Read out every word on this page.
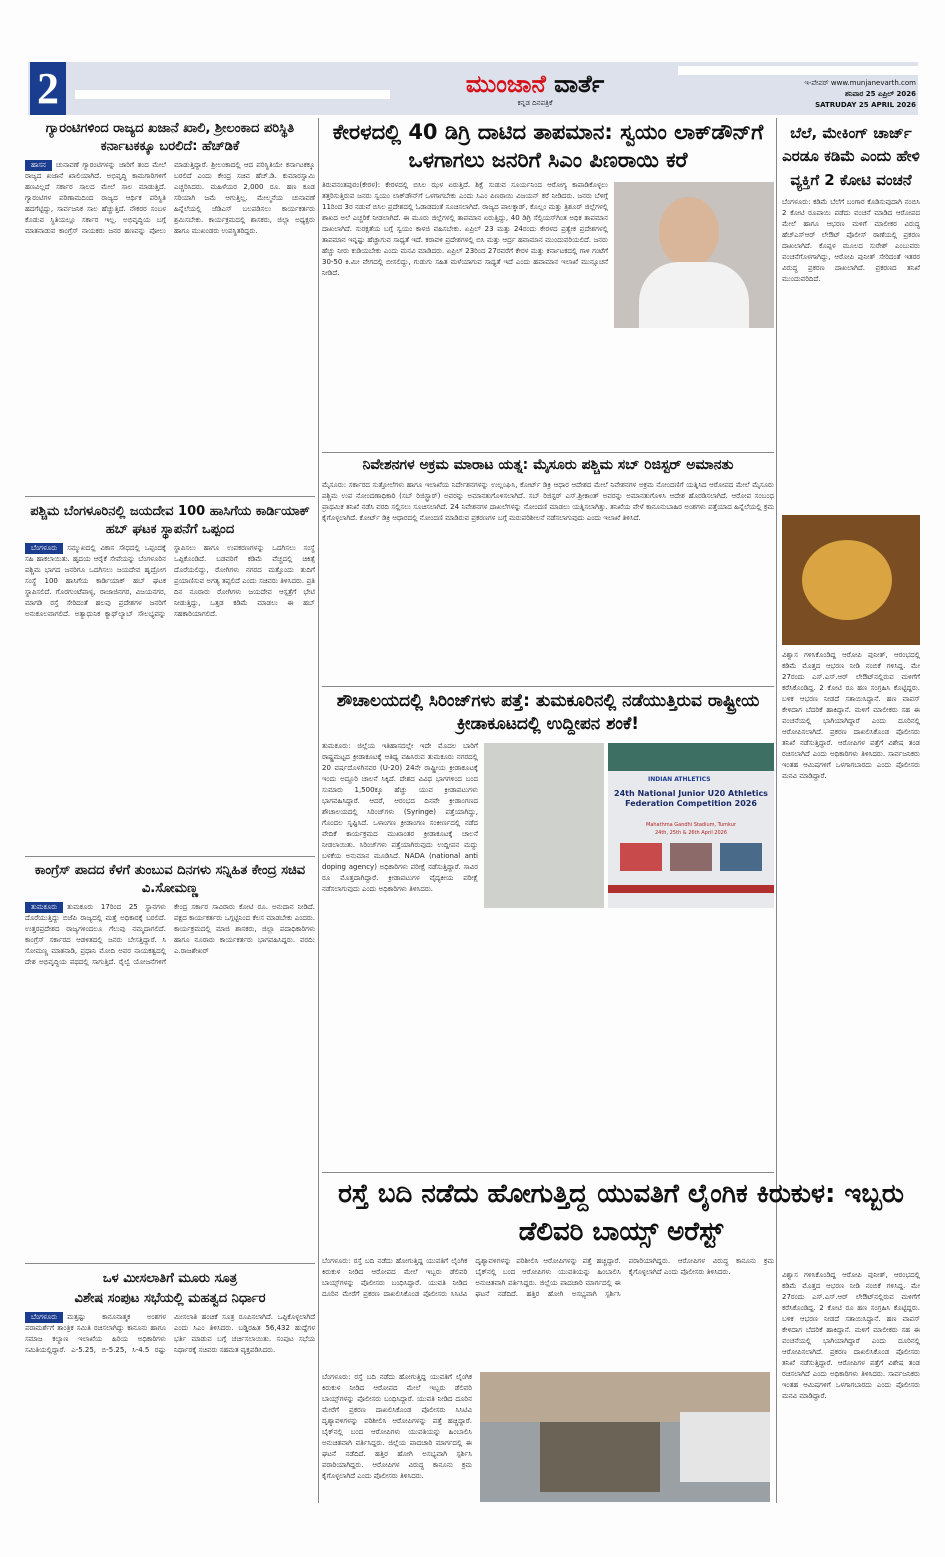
2	ಮುಂಜಾನೆ ವಾರ್ತೆ
ಕನ್ನಡ ದಿನಪತ್ರಿಕೆ
ಇ-ಪೇಪರ್ www.munjanevarth.com
ಶನಿವಾರ 25 ಏಪ್ರಿಲ್ 2026
SATRUDAY 25 APRIL 2026
ಗ್ಯಾರಂಟಿಗಳಿಂದ ರಾಜ್ಯದ ಖಜಾನೆ ಖಾಲಿ, ಶ್ರೀಲಂಕಾದ ಪರಿಸ್ಥಿತಿ ಕರ್ನಾಟಕಕ್ಕೂ ಬರಲಿದೆ: ಹೆಚ್‌ಡಿಕೆ
ಹಾಸನ ಚುನಾವಣೆ ಗ್ಯಾರಂಟಿಗಳನ್ನು ಜಾರಿಗೆ ತಂದ ಮೇಲೆ ರಾಜ್ಯದ ಖಜಾನೆ ಖಾಲಿಯಾಗಿದೆ. ಅಭಿವೃದ್ಧಿ ಕಾಮಗಾರಿಗಳಿಗೆ ಹಣವಿಲ್ಲದೆ ಸರ್ಕಾರ ಸಾಲದ ಮೇಲೆ ಸಾಲ ಮಾಡುತ್ತಿದೆ. ಗ್ಯಾರಂಟಿಗಳ ಪರಿಣಾಮದಿಂದ ರಾಜ್ಯದ ಆರ್ಥಿಕ ಪರಿಸ್ಥಿತಿ ಹದಗೆಟ್ಟಿದ್ದು, ಸಾರ್ವಜನಿಕ ಸಾಲ ಹೆಚ್ಚುತ್ತಿದೆ. ನೌಕರರ ಸಂಬಳ ಕೊಡುವ ಸ್ಥಿತಿಯಲ್ಲೂ ಸರ್ಕಾರ ಇಲ್ಲ. ಅಭಿವೃದ್ಧಿಯ ಬಗ್ಗೆ ಮಾತನಾಡುವ ಕಾಂಗ್ರೆಸ್ ನಾಯಕರು ಜನರ ಹಣವನ್ನು ಪೋಲು ಮಾಡುತ್ತಿದ್ದಾರೆ. ಶ್ರೀಲಂಕಾದಲ್ಲಿ ಆದ ಪರಿಸ್ಥಿತಿಯೇ ಕರ್ನಾಟಕಕ್ಕೂ ಬರಲಿದೆ ಎಂದು ಕೇಂದ್ರ ಸಚಿವ ಹೆಚ್.ಡಿ. ಕುಮಾರಸ್ವಾಮಿ ಎಚ್ಚರಿಸಿದರು. ಮಹಿಳೆಯರ 2,000 ರೂ. ಹಣ ಕೂಡ ಸರಿಯಾಗಿ ಜಮೆ ಆಗುತ್ತಿಲ್ಲ. ಮೇಲ್ಮನೆಯ ಚುನಾವಣೆ ಹಿನ್ನೆಲೆಯಲ್ಲಿ ಜೆಡಿಎಸ್ ಬಲಪಡಿಸಲು ಕಾರ್ಯಕರ್ತರು ಶ್ರಮಿಸಬೇಕು. ಕಾರ್ಯಕ್ರಮದಲ್ಲಿ ಶಾಸಕರು, ಜಿಲ್ಲಾ ಅಧ್ಯಕ್ಷರು ಹಾಗೂ ಮುಖಂಡರು ಉಪಸ್ಥಿತರಿದ್ದರು.
ಪಶ್ಚಿಮ ಬೆಂಗಳೂರಿನಲ್ಲಿ ಜಯದೇವ 100 ಹಾಸಿಗೆಯ ಕಾರ್ಡಿಯಾಕ್ ಹಬ್ ಘಟಕ ಸ್ಥಾಪನೆಗೆ ಒಪ್ಪಂದ
ಬೆಂಗಳೂರು ಸಮ್ಮುಖದಲ್ಲಿ ವಿಕಾಸ ಸೌಧದಲ್ಲಿ ಒಪ್ಪಂದಕ್ಕೆ ಸಹಿ ಹಾಕಲಾಯಿತು. ಹೃದಯ ಆರೈಕೆ ಸೇವೆಯನ್ನು ಬೆಂಗಳೂರಿನ ಪಶ್ಚಿಮ ಭಾಗದ ಜನರಿಗೂ ಒದಗಿಸಲು ಜಯದೇವ ಹೃದ್ರೋಗ ಸಂಸ್ಥೆ 100 ಹಾಸಿಗೆಯ ಕಾರ್ಡಿಯಾಕ್ ಹಬ್ ಘಟಕ ಸ್ಥಾಪಿಸಲಿದೆ. ಗೊರಗುಂಟೆಪಾಳ್ಯ, ರಾಜಾಜಿನಗರ, ವಿಜಯನಗರ, ಮಾಗಡಿ ರಸ್ತೆ ಸೇರಿದಂತೆ ಹಲವು ಪ್ರದೇಶಗಳ ಜನರಿಗೆ ಅನುಕೂಲವಾಗಲಿದೆ. ಅತ್ಯಾಧುನಿಕ ಕ್ಯಾಥ್‌ಲ್ಯಾಬ್ ಸೌಲಭ್ಯವನ್ನು ಸ್ಥಾಪಿಸಲು ಹಾಗೂ ಉಪಕರಣಗಳನ್ನು ಒದಗಿಸಲು ಸಂಸ್ಥೆ ಒಪ್ಪಿಕೊಂಡಿದೆ. ಬಡವರಿಗೆ ಕಡಿಮೆ ವೆಚ್ಚದಲ್ಲಿ ಚಿಕಿತ್ಸೆ ದೊರೆಯಲಿದ್ದು, ರೋಗಿಗಳು ನಗರದ ಮತ್ತೊಂದು ತುದಿಗೆ ಪ್ರಯಾಣಿಸುವ ಅಗತ್ಯ ತಪ್ಪಲಿದೆ ಎಂದು ಸಚಿವರು ತಿಳಿಸಿದರು. ಪ್ರತಿ ದಿನ ನೂರಾರು ರೋಗಿಗಳು ಜಯದೇವ ಆಸ್ಪತ್ರೆಗೆ ಭೇಟಿ ನೀಡುತ್ತಿದ್ದು, ಒತ್ತಡ ಕಡಿಮೆ ಮಾಡಲು ಈ ಹಬ್ ಸಹಕಾರಿಯಾಗಲಿದೆ.
ಕಾಂಗ್ರೆಸ್ ಪಾದದ ಕೆಳಗೆ ತುಂಬುವ ದಿನಗಳು ಸನ್ನಿಹಿತ ಕೇಂದ್ರ ಸಚಿವ ವಿ.ಸೋಮಣ್ಣ
ತುಮಕೂರು ತುಮಕೂರು 17ರಿಂದ 25 ಸ್ಥಾನಗಳು ದೊರೆಯುತ್ತಿದ್ದು ಬಿಜೆಪಿ ರಾಜ್ಯದಲ್ಲಿ ಮತ್ತೆ ಅಧಿಕಾರಕ್ಕೆ ಬರಲಿದೆ. ಉತ್ತರಪ್ರದೇಶದ ರಾಜ್ಯಗಳಿಂದಲೂ ಗೆಲುವು ನಮ್ಮದಾಗಲಿದೆ. ಕಾಂಗ್ರೆಸ್ ಸರ್ಕಾರದ ಆಡಳಿತದಲ್ಲಿ ಜನರು ಬೇಸತ್ತಿದ್ದಾರೆ. ಸಿ ಸೋಮಣ್ಣ ಮಾತನಾಡಿ, ಪ್ರಧಾನಿ ಮೋದಿ ಅವರ ನಾಯಕತ್ವದಲ್ಲಿ ದೇಶ ಅಭಿವೃದ್ಧಿಯ ಪಥದಲ್ಲಿ ಸಾಗುತ್ತಿದೆ. ರೈಲ್ವೆ ಯೋಜನೆಗಳಿಗೆ ಕೇಂದ್ರ ಸರ್ಕಾರ ಸಾವಿರಾರು ಕೋಟಿ ರೂ. ಅನುದಾನ ನೀಡಿದೆ. ಪಕ್ಷದ ಕಾರ್ಯಕರ್ತರು ಒಗ್ಗಟ್ಟಿನಿಂದ ಕೆಲಸ ಮಾಡಬೇಕು ಎಂದರು. ಕಾರ್ಯಕ್ರಮದಲ್ಲಿ ಮಾಜಿ ಶಾಸಕರು, ಜಿಲ್ಲಾ ಪದಾಧಿಕಾರಿಗಳು ಹಾಗೂ ನೂರಾರು ಕಾರ್ಯಕರ್ತರು ಭಾಗವಹಿಸಿದ್ದರು. ವರದಿ: ಎ.ರಾಜಶೇಖರ್
ಒಳ ಮೀಸಲಾತಿಗೆ ಮೂರು ಸೂತ್ರ
ವಿಶೇಷ ಸಂಪುಟ ಸಭೆಯಲ್ಲಿ ಮಹತ್ವದ ನಿರ್ಧಾರ
ಬೆಂಗಳೂರು ಮತ್ತಷ್ಟು ಕಾನೂನಾತ್ಮಕ ಅಂಶಗಳ ಪರಾಮರ್ಶೆಗೆ ತಾಂತ್ರಿಕ ಸಮಿತಿ ರಚಿಸಲಾಗಿದ್ದು ಕಾನೂನು ಹಾಗೂ ಸಮಾಜ ಕಲ್ಯಾಣ ಇಲಾಖೆಯ ಹಿರಿಯ ಅಧಿಕಾರಿಗಳು ಸಮಿತಿಯಲ್ಲಿದ್ದಾರೆ. ಎ-5.25, ಬಿ-5.25, ಸಿ-4.5 ರಷ್ಟು ಮೀಸಲಾತಿ ಹಂಚಿಕೆ ಸೂತ್ರ ರೂಪಿಸಲಾಗಿದೆ. ಒಪ್ಪಿಕೊಳ್ಳಲಾಗಿದೆ ಎಂದು ಸಿಎಂ ತಿಳಿಸಿದರು. ಬಡ್ಡಿರಹಿತ 56,432 ಹುದ್ದೆಗಳ ಭರ್ತಿ ಮಾಡುವ ಬಗ್ಗೆ ಚರ್ಚಿಸಲಾಯಿತು. ಸಂಪುಟ ಸಭೆಯ ನಿರ್ಧಾರಕ್ಕೆ ಸಚಿವರು ಸಹಮತ ವ್ಯಕ್ತಪಡಿಸಿದರು.
ಕೇರಳದಲ್ಲಿ 40 ಡಿಗ್ರಿ ದಾಟಿದ ತಾಪಮಾನ: ಸ್ವಯಂ ಲಾಕ್‌ಡೌನ್‌ಗೆ ಒಳಗಾಗಲು ಜನರಿಗೆ ಸಿಎಂ ಪಿಣರಾಯಿ ಕರೆ
ತಿರುವನಂತಪುರಂ(ಕೇರಳ): ಕೇರಳದಲ್ಲಿ ಬಿಸಿಲ ಝಳ ಏರುತ್ತಿದೆ. ಶಿಕ್ಷೆ ಸುಡುವ ಸೂರ್ಯನಿಂದ ಆರೋಗ್ಯ ಕಾಪಾಡಿಕೊಳ್ಳಲು ತತ್ತರಿಸುತ್ತಿರುವ ಜನರು ಸ್ವಯಂ ಲಾಕ್‌ಡೌನ್‌ಗೆ ಒಳಗಾಗಬೇಕು ಎಂದು ಸಿಎಂ ಪಿಣರಾಯಿ ವಿಜಯನ್ ಕರೆ ನೀಡಿದರು. ಜನರು ಬೆಳಿಗ್ಗೆ 11ರಿಂದ 3ರ ನಡುವೆ ಬಿಸಿಲ ಪ್ರದೇಶದಲ್ಲಿ ಓಡಾಡದಂತೆ ಸೂಚಿಸಲಾಗಿದೆ. ರಾಜ್ಯದ ಪಾಲಕ್ಕಾಡ್, ಕೊಲ್ಲಂ ಮತ್ತು ತ್ರಿಶೂರ್ ಜಿಲ್ಲೆಗಳಲ್ಲಿ ಶಾಖದ ಅಲೆ ಎಚ್ಚರಿಕೆ ನೀಡಲಾಗಿದೆ. ಈ ಮೂರು ಜಿಲ್ಲೆಗಳಲ್ಲಿ ತಾಪಮಾನ ಏರುತ್ತಿದ್ದು, 40 ಡಿಗ್ರಿ ಸೆಲ್ಸಿಯಸ್‌ಗಿಂತ ಅಧಿಕ ತಾಪಮಾನ ದಾಖಲಾಗಿದೆ. ಸುರಕ್ಷತೆಯ ಬಗ್ಗೆ ಸ್ವಯಂ ಕಾಳಜಿ ವಹಿಸಬೇಕು. ಏಪ್ರಿಲ್ 23 ಮತ್ತು 24ರಂದು ಕೇರಳದ ಪ್ರತ್ಯೇಕ ಪ್ರದೇಶಗಳಲ್ಲಿ ತಾಪಮಾನ ಇನ್ನಷ್ಟು ಹೆಚ್ಚಾಗುವ ಸಾಧ್ಯತೆ ಇದೆ. ಕರಾವಳಿ ಪ್ರದೇಶಗಳಲ್ಲಿ ಬಿಸಿ ಮತ್ತು ಆರ್ದ್ರ ಹವಾಮಾನ ಮುಂದುವರಿಯಲಿದೆ. ಜನರು ಹೆಚ್ಚು ನೀರು ಕುಡಿಯಬೇಕು ಎಂದು ಮನವಿ ಮಾಡಿದರು. ಏಪ್ರಿಲ್ 23ರಿಂದ 27ರವರೆಗೆ ಕೇರಳ ಮತ್ತು ಕರ್ನಾಟಕದಲ್ಲಿ ಗಾಳಿ ಗಂಟೆಗೆ 30-50 ಕಿ.ಮೀ ವೇಗದಲ್ಲಿ ಬೀಸಲಿದ್ದು, ಗುಡುಗು ಸಹಿತ ಮಳೆಯಾಗುವ ಸಾಧ್ಯತೆ ಇದೆ ಎಂದು ಹವಾಮಾನ ಇಲಾಖೆ ಮುನ್ಸೂಚನೆ ನೀಡಿದೆ.
ನಿವೇಶನಗಳ ಅಕ್ರಮ ಮಾರಾಟ ಯತ್ನ: ಮೈಸೂರು ಪಶ್ಚಿಮ ಸಬ್ ರಿಜಿಸ್ಟರ್ ಅಮಾನತು
ಮೈಸೂರು: ಸರ್ಕಾರದ ಸುತ್ತೋಲೆಗಳು ಹಾಗೂ ಇಲಾಖೆಯ ನಿರ್ದೇಶನಗಳನ್ನು ಉಲ್ಲಂಘಿಸಿ, ಕೋರ್ಟ್ ಡಿಕ್ರಿ ಆಧಾರ ಆದೇಶದ ಮೇಲೆ ನಿವೇಶನಗಳ ಅಕ್ರಮ ನೋಂದಣಿಗೆ ಯತ್ನಿಸಿದ ಆರೋಪದ ಮೇಲೆ ಮೈಸೂರು ಪಶ್ಚಿಮ ಉಪ ನೋಂದಣಾಧಿಕಾರಿ (ಸಬ್ ರಿಜಿಸ್ಟ್ರಾರ್) ಅವರನ್ನು ಅಮಾನತುಗೊಳಿಸಲಾಗಿದೆ. ಸಬ್ ರಿಜಿಸ್ಟರ್ ಎಸ್.ಶ್ರೀಕಾಂತ್ ಅವರನ್ನು ಅಮಾನತುಗೊಳಿಸಿ ಆದೇಶ ಹೊರಡಿಸಲಾಗಿದೆ. ಆರೋಪ ಸಂಬಂಧ ಪ್ರಾಥಮಿಕ ತನಿಖೆ ನಡೆಸಿ ವರದಿ ಸಲ್ಲಿಸಲು ಸೂಚಿಸಲಾಗಿದೆ. 24 ನಿವೇಶನಗಳ ದಾಖಲೆಗಳನ್ನು ನೋಂದಣಿ ಮಾಡಲು ಯತ್ನಿಸಲಾಗಿತ್ತು. ತನಿಖೆಯ ವೇಳೆ ಕಾನೂನುಬಾಹಿರ ಅಂಶಗಳು ಪತ್ತೆಯಾದ ಹಿನ್ನೆಲೆಯಲ್ಲಿ ಕ್ರಮ ಕೈಗೊಳ್ಳಲಾಗಿದೆ. ಕೋರ್ಟ್ ಡಿಕ್ರಿ ಆಧಾರದಲ್ಲಿ ನೋಂದಣಿ ಮಾಡಿರುವ ಪ್ರಕರಣಗಳ ಬಗ್ಗೆ ಮರುಪರಿಶೀಲನೆ ನಡೆಸಲಾಗುವುದು ಎಂದು ಇಲಾಖೆ ತಿಳಿಸಿದೆ.
ಶೌಚಾಲಯದಲ್ಲಿ ಸಿರಿಂಜ್‌ಗಳು ಪತ್ತೆ: ತುಮಕೂರಿನಲ್ಲಿ ನಡೆಯುತ್ತಿರುವ ರಾಷ್ಟ್ರೀಯ ಕ್ರೀಡಾಕೂಟದಲ್ಲಿ ಉದ್ದೀಪನ ಶಂಕೆ!
INDIAN ATHLETICS
24th National Junior U20 Athletics
Federation Competition 2026
Mahathma Gandhi Stadium, Tumkur
24th, 25th & 26th April 2026
ತುಮಕೂರು: ಜಿಲ್ಲೆಯ ಇತಿಹಾಸದಲ್ಲೇ ಇದೇ ಮೊದಲ ಬಾರಿಗೆ ರಾಷ್ಟ್ರಮಟ್ಟದ ಕ್ರೀಡಾಕೂಟಕ್ಕೆ ಆತಿಥ್ಯ ವಹಿಸಿರುವ ತುಮಕೂರು ನಗರದಲ್ಲಿ 20 ವರ್ಷದೊಳಗಿನವರ (U-20) 24ನೇ ರಾಷ್ಟ್ರೀಯ ಕ್ರೀಡಾಕೂಟಕ್ಕೆ ಇಂದು ಅದ್ದೂರಿ ಚಾಲನೆ ಸಿಕ್ಕಿದೆ. ದೇಶದ ವಿವಿಧ ಭಾಗಗಳಿಂದ ಬಂದ ಸುಮಾರು 1,500ಕ್ಕೂ ಹೆಚ್ಚು ಯುವ ಕ್ರೀಡಾಪಟುಗಳು ಭಾಗವಹಿಸಿದ್ದಾರೆ. ಆದರೆ, ಆರಂಭದ ದಿನವೇ ಕ್ರೀಡಾಂಗಣದ ಶೌಚಾಲಯದಲ್ಲಿ ಸಿರಿಂಜ್‌ಗಳು (Syringe) ಪತ್ತೆಯಾಗಿದ್ದು, ಗೊಂದಲ ಸೃಷ್ಟಿಸಿದೆ. ಒಳಾಂಗಣ ಕ್ರೀಡಾಂಗಣ ಸಂಕೀರ್ಣದಲ್ಲಿ ನಡೆದ ವೇದಿಕೆ ಕಾರ್ಯಕ್ರಮದ ಮುಖಾಂತರ ಕ್ರೀಡಾಕೂಟಕ್ಕೆ ಚಾಲನೆ ನೀಡಲಾಯಿತು. ಸಿರಿಂಜ್‌ಗಳು ಪತ್ತೆಯಾಗಿರುವುದು ಉದ್ದೀಪನ ಮದ್ದು ಬಳಕೆಯ ಅನುಮಾನ ಮೂಡಿಸಿದೆ. NADA (national anti doping agency) ಅಧಿಕಾರಿಗಳು ಪರೀಕ್ಷೆ ನಡೆಸುತ್ತಿದ್ದಾರೆ. ಸಾವಿರ ರೂ ಮೊತ್ತದಾಗಿದ್ದಾರೆ. ಕ್ರೀಡಾಪಟುಗಳ ವೈದ್ಯಕೀಯ ಪರೀಕ್ಷೆ ನಡೆಸಲಾಗುವುದು ಎಂದು ಅಧಿಕಾರಿಗಳು ತಿಳಿಸಿದರು.
ರಸ್ತೆ ಬದಿ ನಡೆದು ಹೋಗುತ್ತಿದ್ದ ಯುವತಿಗೆ ಲೈಂಗಿಕ ಕಿರುಕುಳ: ಇಬ್ಬರು ಡೆಲಿವರಿ ಬಾಯ್ಸ್ ಅರೆಸ್ಟ್
ಬೆಂಗಳೂರು: ರಸ್ತೆ ಬದಿ ನಡೆದು ಹೋಗುತ್ತಿದ್ದ ಯುವತಿಗೆ ಲೈಂಗಿಕ ಕಿರುಕುಳ ನೀಡಿದ ಆರೋಪದ ಮೇಲೆ ಇಬ್ಬರು ಡೆಲಿವರಿ ಬಾಯ್ಸ್‌ಗಳನ್ನು ಪೊಲೀಸರು ಬಂಧಿಸಿದ್ದಾರೆ. ಯುವತಿ ನೀಡಿದ ದೂರಿನ ಮೇರೆಗೆ ಪ್ರಕರಣ ದಾಖಲಿಸಿಕೊಂಡ ಪೊಲೀಸರು ಸಿಸಿಟಿವಿ ದೃಶ್ಯಾವಳಿಗಳನ್ನು ಪರಿಶೀಲಿಸಿ ಆರೋಪಿಗಳನ್ನು ಪತ್ತೆ ಹಚ್ಚಿದ್ದಾರೆ. ಬೈಕ್‌ನಲ್ಲಿ ಬಂದ ಆರೋಪಿಗಳು ಯುವತಿಯನ್ನು ಹಿಂಬಾಲಿಸಿ ಅನುಚಿತವಾಗಿ ವರ್ತಿಸಿದ್ದರು. ಜಿಲ್ಲೆಯ ಪಾದಚಾರಿ ಮಾರ್ಗದಲ್ಲಿ ಈ ಘಟನೆ ನಡೆದಿದೆ. ಹತ್ತಿರ ಹೋಗಿ ಅಸಭ್ಯವಾಗಿ ಸ್ಪರ್ಶಿಸಿ ಪರಾರಿಯಾಗಿದ್ದರು. ಆರೋಪಿಗಳ ವಿರುದ್ಧ ಕಾನೂನು ಕ್ರಮ ಕೈಗೊಳ್ಳಲಾಗಿದೆ ಎಂದು ಪೊಲೀಸರು ತಿಳಿಸಿದರು.
ಬೆಂಗಳೂರು: ರಸ್ತೆ ಬದಿ ನಡೆದು ಹೋಗುತ್ತಿದ್ದ ಯುವತಿಗೆ ಲೈಂಗಿಕ ಕಿರುಕುಳ ನೀಡಿದ ಆರೋಪದ ಮೇಲೆ ಇಬ್ಬರು ಡೆಲಿವರಿ ಬಾಯ್ಸ್‌ಗಳನ್ನು ಪೊಲೀಸರು ಬಂಧಿಸಿದ್ದಾರೆ. ಯುವತಿ ನೀಡಿದ ದೂರಿನ ಮೇರೆಗೆ ಪ್ರಕರಣ ದಾಖಲಿಸಿಕೊಂಡ ಪೊಲೀಸರು ಸಿಸಿಟಿವಿ ದೃಶ್ಯಾವಳಿಗಳನ್ನು ಪರಿಶೀಲಿಸಿ ಆರೋಪಿಗಳನ್ನು ಪತ್ತೆ ಹಚ್ಚಿದ್ದಾರೆ. ಬೈಕ್‌ನಲ್ಲಿ ಬಂದ ಆರೋಪಿಗಳು ಯುವತಿಯನ್ನು ಹಿಂಬಾಲಿಸಿ ಅನುಚಿತವಾಗಿ ವರ್ತಿಸಿದ್ದರು. ಜಿಲ್ಲೆಯ ಪಾದಚಾರಿ ಮಾರ್ಗದಲ್ಲಿ ಈ ಘಟನೆ ನಡೆದಿದೆ. ಹತ್ತಿರ ಹೋಗಿ ಅಸಭ್ಯವಾಗಿ ಸ್ಪರ್ಶಿಸಿ ಪರಾರಿಯಾಗಿದ್ದರು. ಆರೋಪಿಗಳ ವಿರುದ್ಧ ಕಾನೂನು ಕ್ರಮ ಕೈಗೊಳ್ಳಲಾಗಿದೆ ಎಂದು ಪೊಲೀಸರು ತಿಳಿಸಿದರು.
ಬೆಲೆ, ಮೇಕಿಂಗ್ ಚಾರ್ಜ್ ಎರಡೂ ಕಡಿಮೆ ಎಂದು ಹೇಳಿ ವ್ಯಕ್ತಿಗೆ 2 ಕೋಟಿ ವಂಚನೆ
ಬೆಂಗಳೂರು: ಕಡಿಮೆ ಬೆಲೆಗೆ ಬಂಗಾರ ಕೊಡಿಸುವುದಾಗಿ ನಂಬಿಸಿ 2 ಕೋಟಿ ರೂಪಾಯಿ ಪಡೆದು ವಂಚನೆ ಮಾಡಿದ ಆರೋಪದ ಮೇಲೆ ಹಾಗೂ ಆಭರಣ ಮಳಿಗೆ ಮಾಲೀಕರ ವಿರುದ್ಧ ಹೆಚ್‌ಎಸ್‌ಆರ್ ಲೇಔಟ್ ಪೊಲೀಸ್ ಠಾಣೆಯಲ್ಲಿ ಪ್ರಕರಣ ದಾಖಲಾಗಿದೆ. ಕೊಪ್ಪಳ ಮೂಲದ ಸುರೇಶ್ ಎಂಬುವರು ವಂಚನೆಗೊಳಗಾಗಿದ್ದು, ಆರೋಪಿ ಪುನೀತ್ ಸೇರಿದಂತೆ ಇತರರ ವಿರುದ್ಧ ಪ್ರಕರಣ ದಾಖಲಾಗಿದೆ. ಪ್ರಕರಣದ ತನಿಖೆ ಮುಂದುವರಿದಿದೆ.
ವಿಶ್ವಾಸ ಗಳಿಸಿಕೊಂಡಿದ್ದ ಆರೋಪಿ ಪುನೀತ್, ಆರಂಭದಲ್ಲಿ ಕಡಿಮೆ ಮೊತ್ತದ ಆಭರಣ ನೀಡಿ ನಂಬಿಕೆ ಗಳಿಸಿದ್ದ. ಮೇ 27ರಂದು ಎಸ್.ಎಸ್.ಆರ್ ಲೇಔಟ್‌ನಲ್ಲಿರುವ ಮಳಿಗೆಗೆ ಕರೆಸಿಕೊಂಡಿದ್ದ. 2 ಕೋಟಿ ರೂ ಹಣ ಸಂಗ್ರಹಿಸಿ ಕೊಟ್ಟಿದ್ದರು. ಬಳಿಕ ಆಭರಣ ನೀಡದೆ ಸತಾಯಿಸಿದ್ದಾನೆ. ಹಣ ವಾಪಸ್ ಕೇಳಿದಾಗ ಬೆದರಿಕೆ ಹಾಕಿದ್ದಾನೆ. ಮಳಿಗೆ ಮಾಲೀಕರು ಸಹ ಈ ವಂಚನೆಯಲ್ಲಿ ಭಾಗಿಯಾಗಿದ್ದಾರೆ ಎಂದು ದೂರಿನಲ್ಲಿ ಆರೋಪಿಸಲಾಗಿದೆ. ಪ್ರಕರಣ ದಾಖಲಿಸಿಕೊಂಡ ಪೊಲೀಸರು ತನಿಖೆ ನಡೆಸುತ್ತಿದ್ದಾರೆ. ಆರೋಪಿಗಳ ಪತ್ತೆಗೆ ವಿಶೇಷ ತಂಡ ರಚಿಸಲಾಗಿದೆ ಎಂದು ಅಧಿಕಾರಿಗಳು ತಿಳಿಸಿದರು. ಸಾರ್ವಜನಿಕರು ಇಂತಹ ಆಮಿಷಗಳಿಗೆ ಒಳಗಾಗಬಾರದು ಎಂದು ಪೊಲೀಸರು ಮನವಿ ಮಾಡಿದ್ದಾರೆ.
ವಿಶ್ವಾಸ ಗಳಿಸಿಕೊಂಡಿದ್ದ ಆರೋಪಿ ಪುನೀತ್, ಆರಂಭದಲ್ಲಿ ಕಡಿಮೆ ಮೊತ್ತದ ಆಭರಣ ನೀಡಿ ನಂಬಿಕೆ ಗಳಿಸಿದ್ದ. ಮೇ 27ರಂದು ಎಸ್.ಎಸ್.ಆರ್ ಲೇಔಟ್‌ನಲ್ಲಿರುವ ಮಳಿಗೆಗೆ ಕರೆಸಿಕೊಂಡಿದ್ದ. 2 ಕೋಟಿ ರೂ ಹಣ ಸಂಗ್ರಹಿಸಿ ಕೊಟ್ಟಿದ್ದರು. ಬಳಿಕ ಆಭರಣ ನೀಡದೆ ಸತಾಯಿಸಿದ್ದಾನೆ. ಹಣ ವಾಪಸ್ ಕೇಳಿದಾಗ ಬೆದರಿಕೆ ಹಾಕಿದ್ದಾನೆ. ಮಳಿಗೆ ಮಾಲೀಕರು ಸಹ ಈ ವಂಚನೆಯಲ್ಲಿ ಭಾಗಿಯಾಗಿದ್ದಾರೆ ಎಂದು ದೂರಿನಲ್ಲಿ ಆರೋಪಿಸಲಾಗಿದೆ. ಪ್ರಕರಣ ದಾಖಲಿಸಿಕೊಂಡ ಪೊಲೀಸರು ತನಿಖೆ ನಡೆಸುತ್ತಿದ್ದಾರೆ. ಆರೋಪಿಗಳ ಪತ್ತೆಗೆ ವಿಶೇಷ ತಂಡ ರಚಿಸಲಾಗಿದೆ ಎಂದು ಅಧಿಕಾರಿಗಳು ತಿಳಿಸಿದರು. ಸಾರ್ವಜನಿಕರು ಇಂತಹ ಆಮಿಷಗಳಿಗೆ ಒಳಗಾಗಬಾರದು ಎಂದು ಪೊಲೀಸರು ಮನವಿ ಮಾಡಿದ್ದಾರೆ.
